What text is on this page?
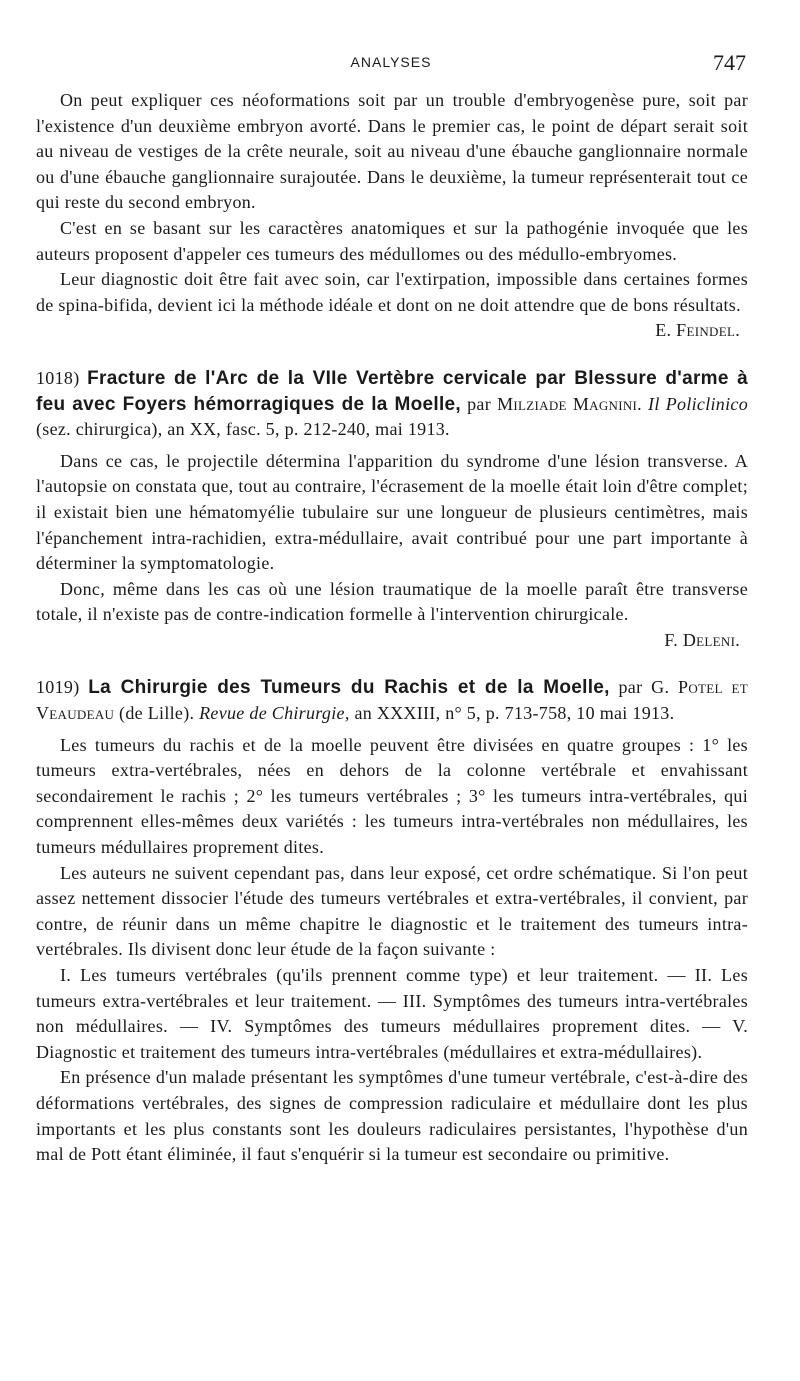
ANALYSES	747

On peut expliquer ces néoformations soit par un trouble d'embryogenèse pure, soit par l'existence d'un deuxième embryon avorté. Dans le premier cas, le point de départ serait soit au niveau de vestiges de la crête neurale, soit au niveau d'une ébauche ganglionnaire normale ou d'une ébauche ganglionnaire surajoutée. Dans le deuxième, la tumeur représenterait tout ce qui reste du second embryon.

C'est en se basant sur les caractères anatomiques et sur la pathogénie invoquée que les auteurs proposent d'appeler ces tumeurs des médullomes ou des médullo-embryomes.

Leur diagnostic doit être fait avec soin, car l'extirpation, impossible dans certaines formes de spina-bifida, devient ici la méthode idéale et dont on ne doit attendre que de bons résultats.

E. Feindel.

1018) Fracture de l'Arc de la VIIe Vertèbre cervicale par Blessure d'arme à feu avec Foyers hémorragiques de la Moelle, par Milziade Magnini. Il Policlinico (sez. chirurgica), an XX, fasc. 5, p. 212-240, mai 1913.

Dans ce cas, le projectile détermina l'apparition du syndrome d'une lésion transverse. A l'autopsie on constata que, tout au contraire, l'écrasement de la moelle était loin d'être complet; il existait bien une hématomyélie tubulaire sur une longueur de plusieurs centimètres, mais l'épanchement intra-rachidien, extra-médullaire, avait contribué pour une part importante à déterminer la symptomatologie.

Donc, même dans les cas où une lésion traumatique de la moelle paraît être transverse totale, il n'existe pas de contre-indication formelle à l'intervention chirurgicale.

F. Deleni.

1019) La Chirurgie des Tumeurs du Rachis et de la Moelle, par G. Potel et Veaudeau (de Lille). Revue de Chirurgie, an XXXIII, n° 5, p. 713-758, 10 mai 1913.

Les tumeurs du rachis et de la moelle peuvent être divisées en quatre groupes : 1° les tumeurs extra-vertébrales, nées en dehors de la colonne vertébrale et envahissant secondairement le rachis ; 2° les tumeurs vertébrales ; 3° les tumeurs intra-vertébrales, qui comprennent elles-mêmes deux variétés : les tumeurs intra-vertébrales non médullaires, les tumeurs médullaires proprement dites.

Les auteurs ne suivent cependant pas, dans leur exposé, cet ordre schématique. Si l'on peut assez nettement dissocier l'étude des tumeurs vertébrales et extra-vertébrales, il convient, par contre, de réunir dans un même chapitre le diagnostic et le traitement des tumeurs intra-vertébrales. Ils divisent donc leur étude de la façon suivante :

I. Les tumeurs vertébrales (qu'ils prennent comme type) et leur traitement. — II. Les tumeurs extra-vertébrales et leur traitement. — III. Symptômes des tumeurs intra-vertébrales non médullaires. — IV. Symptômes des tumeurs médullaires proprement dites. — V. Diagnostic et traitement des tumeurs intra-vertébrales (médullaires et extra-médullaires).

En présence d'un malade présentant les symptômes d'une tumeur vertébrale, c'est-à-dire des déformations vertébrales, des signes de compression radiculaire et médullaire dont les plus importants et les plus constants sont les douleurs radiculaires persistantes, l'hypothèse d'un mal de Pott étant éliminée, il faut s'enquérir si la tumeur est secondaire ou primitive.
